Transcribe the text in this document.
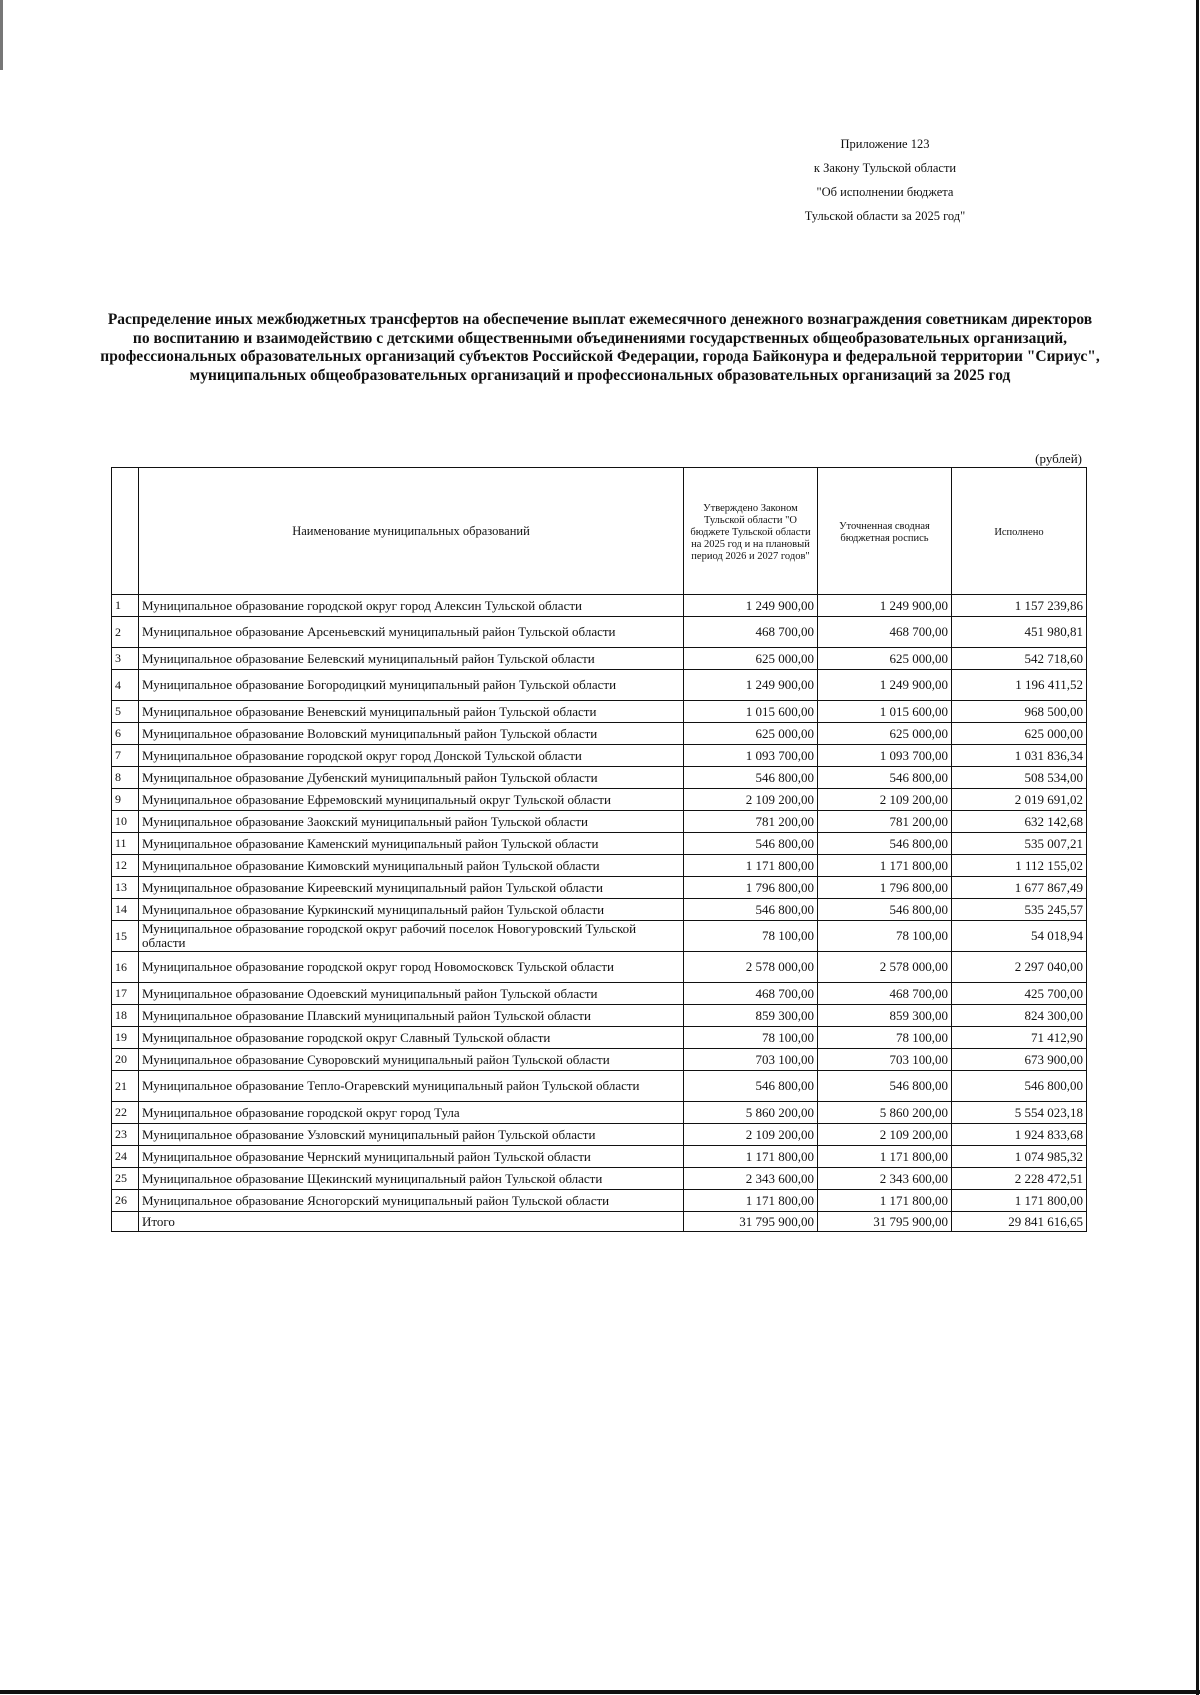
Приложение 123
к Закону Тульской области
"Об исполнении бюджета
Тульской области за 2025 год"
Распределение иных межбюджетных трансфертов на обеспечение выплат ежемесячного денежного вознаграждения советникам директоров по воспитанию и взаимодействию с детскими общественными объединениями государственных общеобразовательных организаций, профессиональных образовательных организаций субъектов Российской Федерации, города Байконура и федеральной территории "Сириус", муниципальных общеобразовательных организаций и профессиональных образовательных организаций за 2025 год
(рублей)
	Наименование муниципальных образований	Утверждено Законом Тульской области "О бюджете Тульской области на 2025 год и на плановый период 2026 и 2027 годов"	Уточненная сводная бюджетная роспись	Исполнено
1	Муниципальное образование городской округ город Алексин Тульской области	1 249 900,00	1 249 900,00	1 157 239,86
2	Муниципальное образование Арсеньевский муниципальный район Тульской области	468 700,00	468 700,00	451 980,81
3	Муниципальное образование Белевский муниципальный район Тульской области	625 000,00	625 000,00	542 718,60
4	Муниципальное образование Богородицкий муниципальный район Тульской области	1 249 900,00	1 249 900,00	1 196 411,52
5	Муниципальное образование Веневский муниципальный район Тульской области	1 015 600,00	1 015 600,00	968 500,00
6	Муниципальное образование Воловский муниципальный район Тульской области	625 000,00	625 000,00	625 000,00
7	Муниципальное образование городской округ город Донской Тульской области	1 093 700,00	1 093 700,00	1 031 836,34
8	Муниципальное образование Дубенский муниципальный район Тульской области	546 800,00	546 800,00	508 534,00
9	Муниципальное образование Ефремовский муниципальный округ Тульской области	2 109 200,00	2 109 200,00	2 019 691,02
10	Муниципальное образование Заокский муниципальный район Тульской области	781 200,00	781 200,00	632 142,68
11	Муниципальное образование Каменский муниципальный район Тульской области	546 800,00	546 800,00	535 007,21
12	Муниципальное образование Кимовский муниципальный район Тульской области	1 171 800,00	1 171 800,00	1 112 155,02
13	Муниципальное образование Киреевский муниципальный район Тульской области	1 796 800,00	1 796 800,00	1 677 867,49
14	Муниципальное образование Куркинский муниципальный район Тульской области	546 800,00	546 800,00	535 245,57
15	Муниципальное образование городской округ рабочий поселок Новогуровский Тульской области	78 100,00	78 100,00	54 018,94
16	Муниципальное образование городской округ город Новомосковск Тульской области	2 578 000,00	2 578 000,00	2 297 040,00
17	Муниципальное образование Одоевский муниципальный район Тульской области	468 700,00	468 700,00	425 700,00
18	Муниципальное образование Плавский муниципальный район Тульской области	859 300,00	859 300,00	824 300,00
19	Муниципальное образование городской округ Славный Тульской области	78 100,00	78 100,00	71 412,90
20	Муниципальное образование Суворовский муниципальный район Тульской области	703 100,00	703 100,00	673 900,00
21	Муниципальное образование Тепло-Огаревский муниципальный район Тульской области	546 800,00	546 800,00	546 800,00
22	Муниципальное образование городской округ город Тула	5 860 200,00	5 860 200,00	5 554 023,18
23	Муниципальное образование Узловский муниципальный район Тульской области	2 109 200,00	2 109 200,00	1 924 833,68
24	Муниципальное образование Чернский муниципальный район Тульской области	1 171 800,00	1 171 800,00	1 074 985,32
25	Муниципальное образование Щекинский муниципальный район Тульской области	2 343 600,00	2 343 600,00	2 228 472,51
26	Муниципальное образование Ясногорский муниципальный район Тульской области	1 171 800,00	1 171 800,00	1 171 800,00
	Итого	31 795 900,00	31 795 900,00	29 841 616,65
